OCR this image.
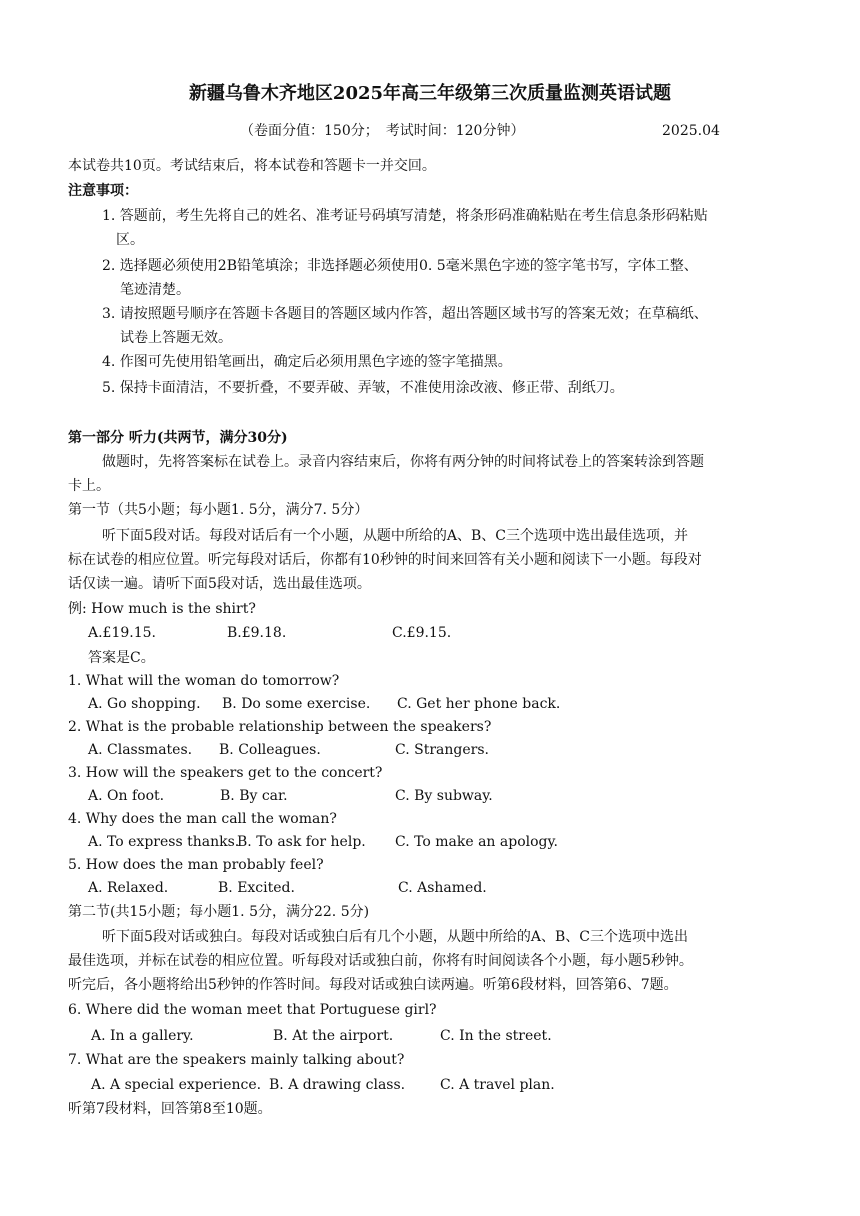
新疆乌鲁木齐地区2025年高三年级第三次质量监测英语试题
（卷面分值：150分；　考试时间：120分钟）	2025.04
本试卷共10页。考试结束后，将本试卷和答题卡一并交回。
注意事项：
1. 答题前，考生先将自己的姓名、准考证号码填写清楚，将条形码准确粘贴在考生信息条形码粘贴
区。
2. 选择题必须使用2B铅笔填涂；非选择题必须使用0. 5毫米黑色字迹的签字笔书写，字体工整、
笔迹清楚。
3. 请按照题号顺序在答题卡各题目的答题区域内作答，超出答题区域书写的答案无效；在草稿纸、
试卷上答题无效。
4. 作图可先使用铅笔画出，确定后必须用黑色字迹的签字笔描黑。
5. 保持卡面清洁，不要折叠，不要弄破、弄皱，不准使用涂改液、修正带、刮纸刀。
第一部分 听力(共两节，满分30分)
做题时，先将答案标在试卷上。录音内容结束后，你将有两分钟的时间将试卷上的答案转涂到答题
卡上。
第一节（共5小题；每小题1. 5分，满分7. 5分）
听下面5段对话。每段对话后有一个小题，从题中所给的A、B、C三个选项中选出最佳选项，并
标在试卷的相应位置。听完每段对话后，你都有10秒钟的时间来回答有关小题和阅读下一小题。每段对
话仅读一遍。请听下面5段对话，选出最佳选项。
例: How much is the shirt?
A.£19.15.	B.£9.18.	C.£9.15.
答案是C。
1. What will the woman do tomorrow?
A. Go shopping. B. Do some exercise. C. Get her phone back.
2. What is the probable relationship between the speakers?
A. Classmates. B. Colleagues.	C. Strangers.
3. How will the speakers get to the concert?
A. On foot.	B. By car.	C. By subway.
4. Why does the man call the woman?
A. To express thanks.
B. To ask for help. C. To make an apology.
5. How does the man probably feel?
A. Relaxed.	B. Excited.	C. Ashamed.
第二节(共15小题；每小题1. 5分，满分22. 5分)
听下面5段对话或独白。每段对话或独白后有几个小题，从题中所给的A、B、C三个选项中选出
最佳选项，并标在试卷的相应位置。听每段对话或独白前，你将有时间阅读各个小题，每小题5秒钟。
听完后，各小题将给出5秒钟的作答时间。每段对话或独白读两遍。听第6段材料，回答第6、7题。
6. Where did the woman meet that Portuguese girl?
A. In a gallery.	B. At the airport.	C. In the street.
7. What are the speakers mainly talking about?
A. A special experience. B. A drawing class. C. A travel plan.
听第7段材料，回答第8至10题。
